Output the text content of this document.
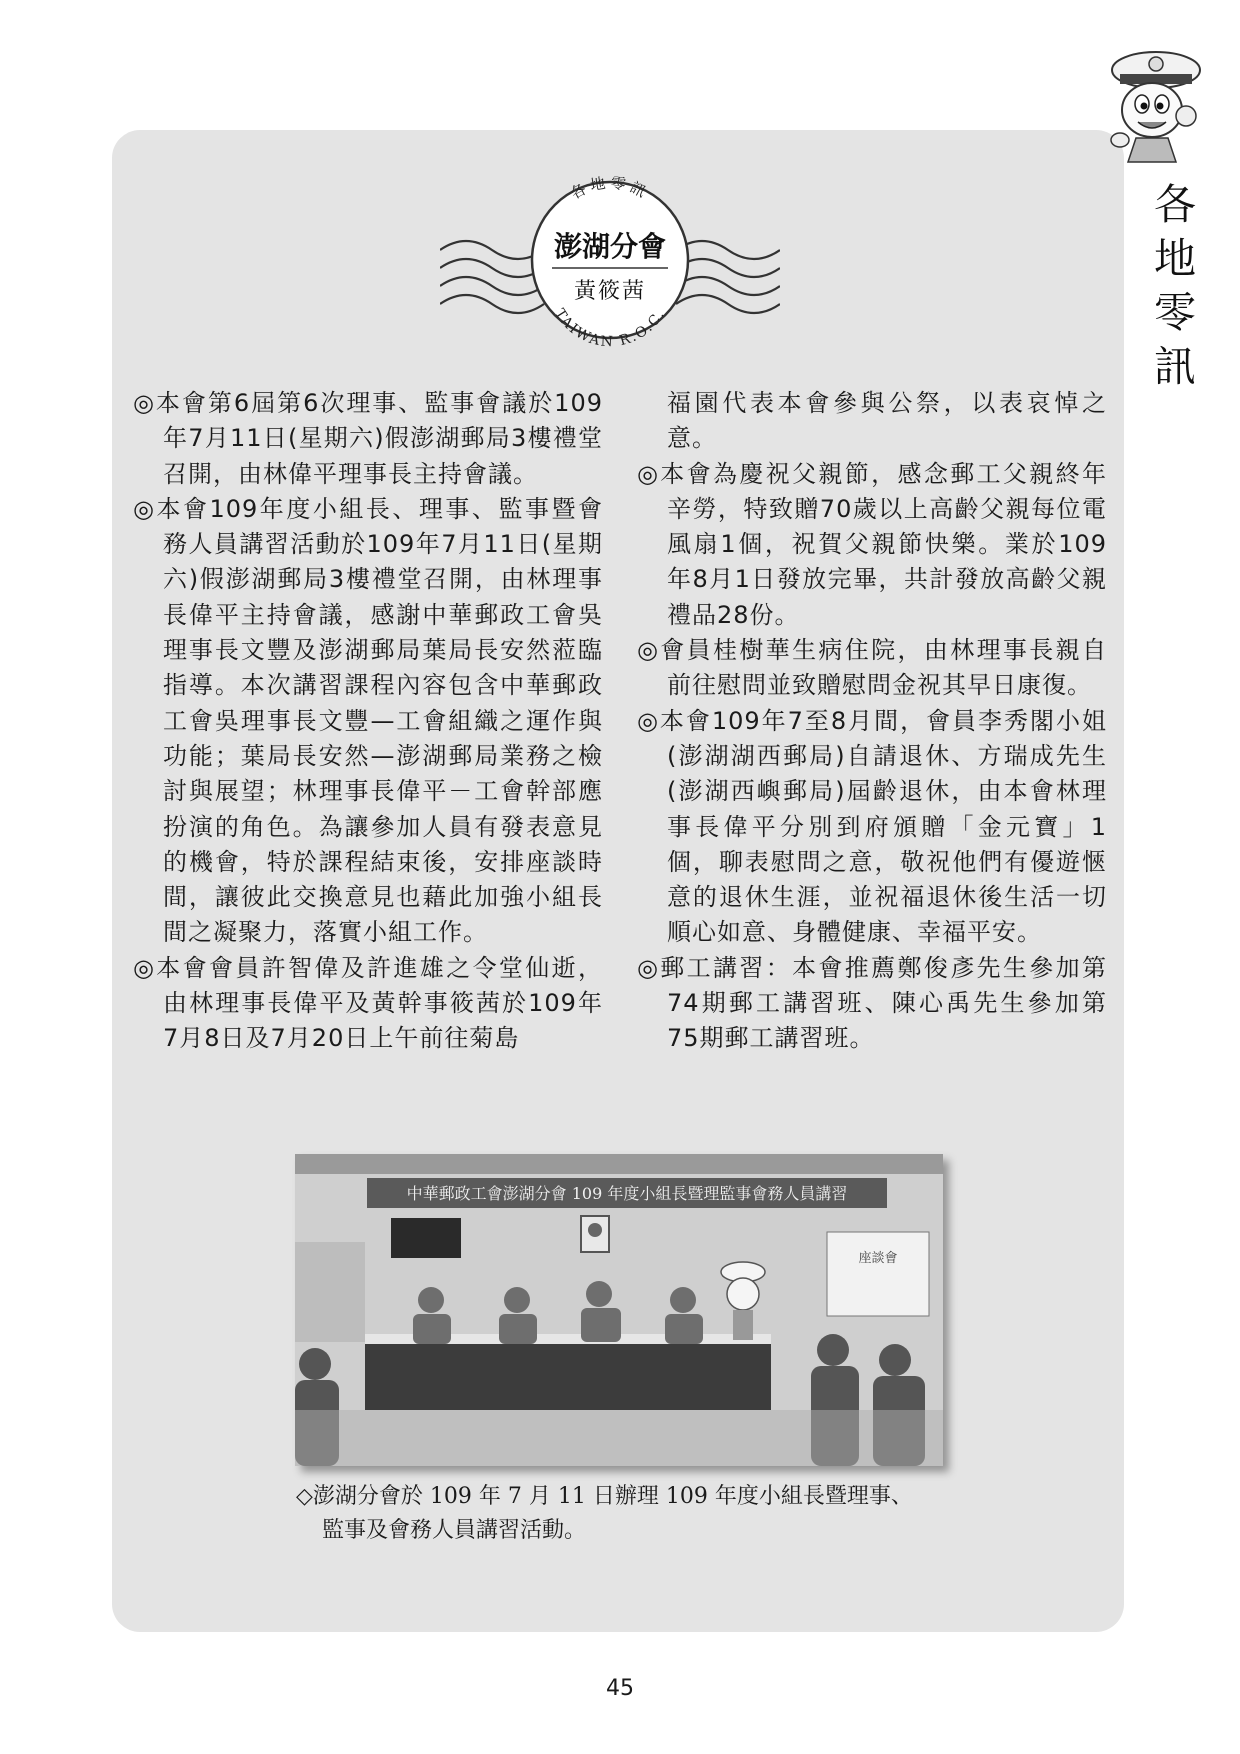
各
地
零
訊
各地零訊
澎湖分會
黃筱茜
TAIWAN R.O.C.
◎本會第6屆第6次理事、監事會議於109年7月11日(星期六)假澎湖郵局3樓禮堂召開，由林偉平理事長主持會議。
◎本會109年度小組長、理事、監事暨會務人員講習活動於109年7月11日(星期六)假澎湖郵局3樓禮堂召開，由林理事長偉平主持會議，感謝中華郵政工會吳理事長文豐及澎湖郵局葉局長安然蒞臨指導。本次講習課程內容包含中華郵政工會吳理事長文豐—工會組織之運作與功能；葉局長安然—澎湖郵局業務之檢討與展望；林理事長偉平－工會幹部應扮演的角色。為讓參加人員有發表意見的機會，特於課程結束後，安排座談時間，讓彼此交換意見也藉此加強小組長間之凝聚力，落實小組工作。
◎本會會員許智偉及許進雄之令堂仙逝，由林理事長偉平及黃幹事筱茜於109年7月8日及7月20日上午前往菊島
福園代表本會參與公祭，以表哀悼之意。
◎本會為慶祝父親節，感念郵工父親終年辛勞，特致贈70歲以上高齡父親每位電風扇1個，祝賀父親節快樂。業於109年8月1日發放完畢，共計發放高齡父親禮品28份。
◎會員桂樹華生病住院，由林理事長親自前往慰問並致贈慰問金祝其早日康復。
◎本會109年7至8月間，會員李秀閣小姐(澎湖湖西郵局)自請退休、方瑞成先生(澎湖西嶼郵局)屆齡退休，由本會林理事長偉平分別到府頒贈「金元寶」1個，聊表慰問之意，敬祝他們有優遊愜意的退休生涯，並祝福退休後生活一切順心如意、身體健康、幸福平安。
◎郵工講習：本會推薦鄭俊彥先生參加第74期郵工講習班、陳心禹先生參加第75期郵工講習班。
中華郵政工會澎湖分會 109 年度小組長暨理監事會務人員講習
座談會
◇澎湖分會於 109 年 7 月 11 日辦理 109 年度小組長暨理事、
監事及會務人員講習活動。
45
